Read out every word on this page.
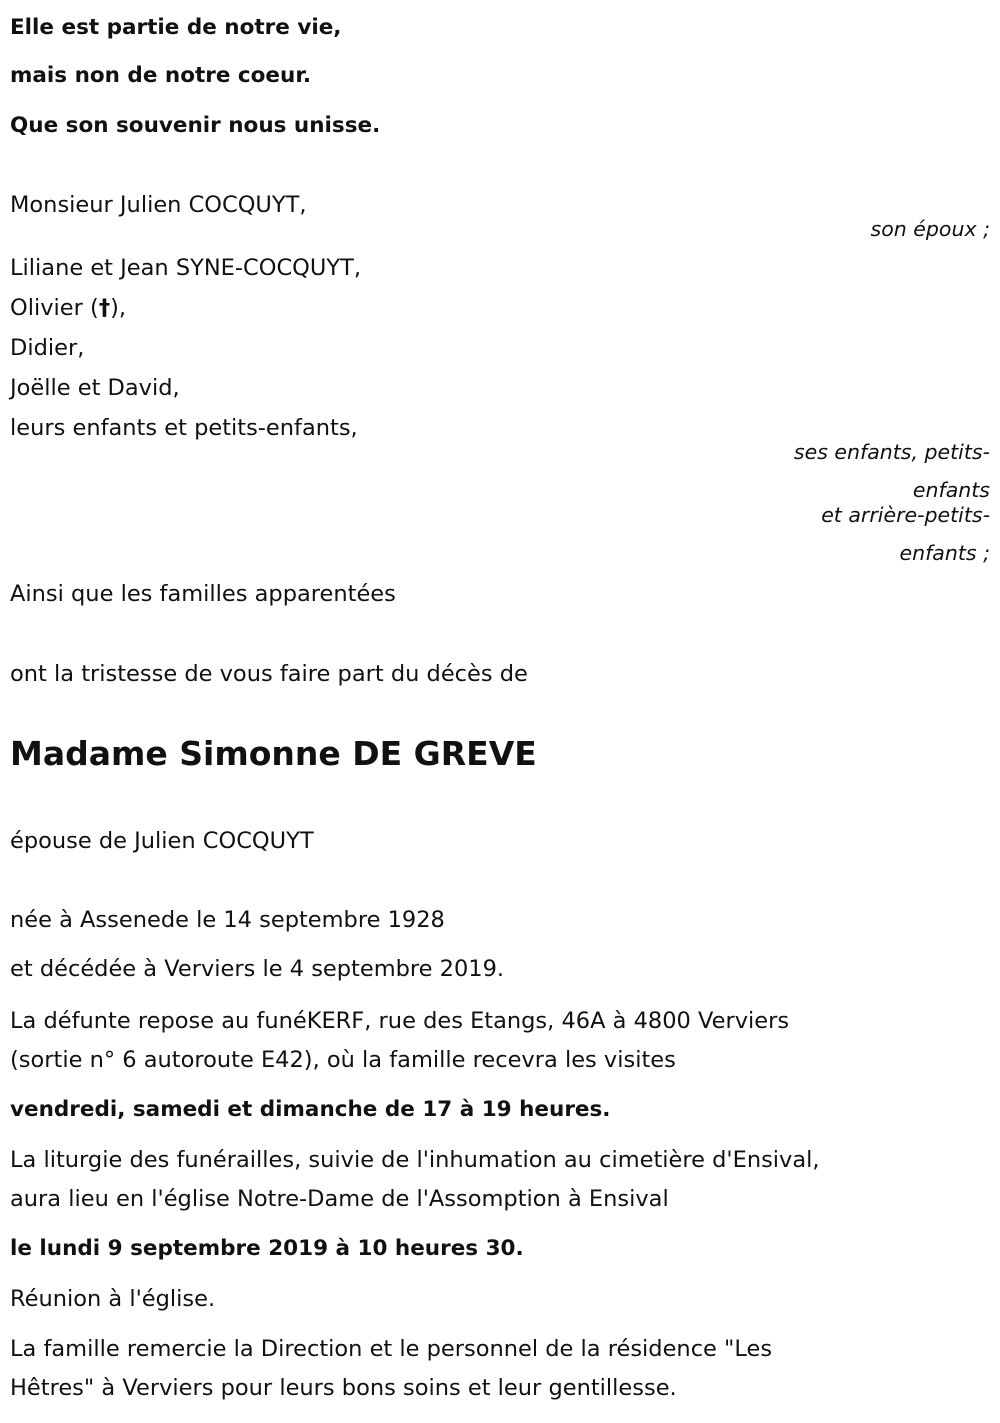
Elle est partie de notre vie,
mais non de notre coeur.
Que son souvenir nous unisse.
Monsieur Julien COCQUYT,
son époux ;
Liliane et Jean SYNE-COCQUYT,
Olivier (†),
Didier,
Joëlle et David,
leurs enfants et petits-enfants,
ses enfants, petits-
enfants
et arrière-petits-
enfants ;
Ainsi que les familles apparentées
ont la tristesse de vous faire part du décès de
Madame Simonne DE GREVE
épouse de Julien COCQUYT
née à Assenede le 14 septembre 1928
et décédée à Verviers le 4 septembre 2019.
La défunte repose au funéKERF, rue des Etangs, 46A à 4800 Verviers
(sortie n° 6 autoroute E42), où la famille recevra les visites
vendredi, samedi et dimanche de 17 à 19 heures.
La liturgie des funérailles, suivie de l'inhumation au cimetière d'Ensival,
aura lieu en l'église Notre-Dame de l'Assomption à Ensival
le lundi 9 septembre 2019 à 10 heures 30.
Réunion à l'église.
La famille remercie la Direction et le personnel de la résidence "Les
Hêtres" à Verviers pour leurs bons soins et leur gentillesse.
